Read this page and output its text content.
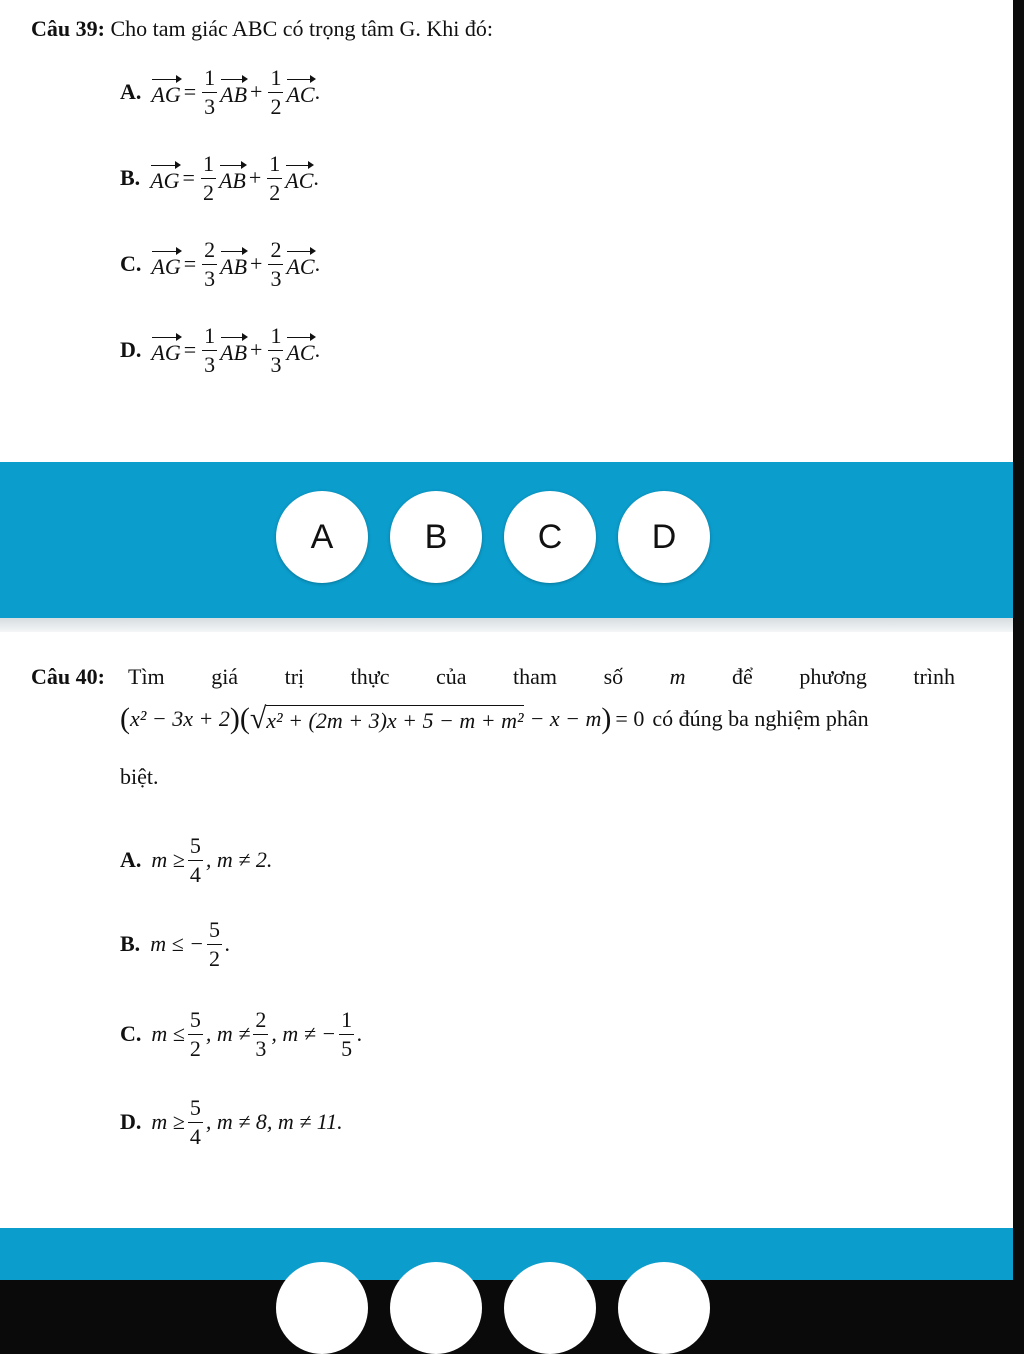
Câu 39: Cho tam giác ABC có trọng tâm G. Khi đó:
A. AG = $\frac{1}{3}$ AB + $\frac{1}{2}$ AC .
B. AG = $\frac{1}{2}$ AB + $\frac{1}{2}$ AC .
C. AG = $\frac{2}{3}$ AB + $\frac{2}{3}$ AC .
D. AG = $\frac{1}{3}$ AB + $\frac{1}{3}$ AC .
A	B	C	D
Câu 40: Tìm giá trị thực của tham số m để phương trình
( x² − 3x + 2 ) ( √ x² + (2m + 3)x + 5 − m + m² − x − m ) = 0 có đúng ba nghiệm phân
biệt.
A. $m \ge \frac{5}{4}$ , m ≠ 2.
B. m ≤ − $\frac{5}{2}$ .
C. $m \le \frac{5}{2}$ , $m \ne \frac{2}{3}$ , m ≠ − $\frac{1}{5}$ .
D. $m \ge \frac{5}{4}$ , m ≠ 8, m ≠ 11.
